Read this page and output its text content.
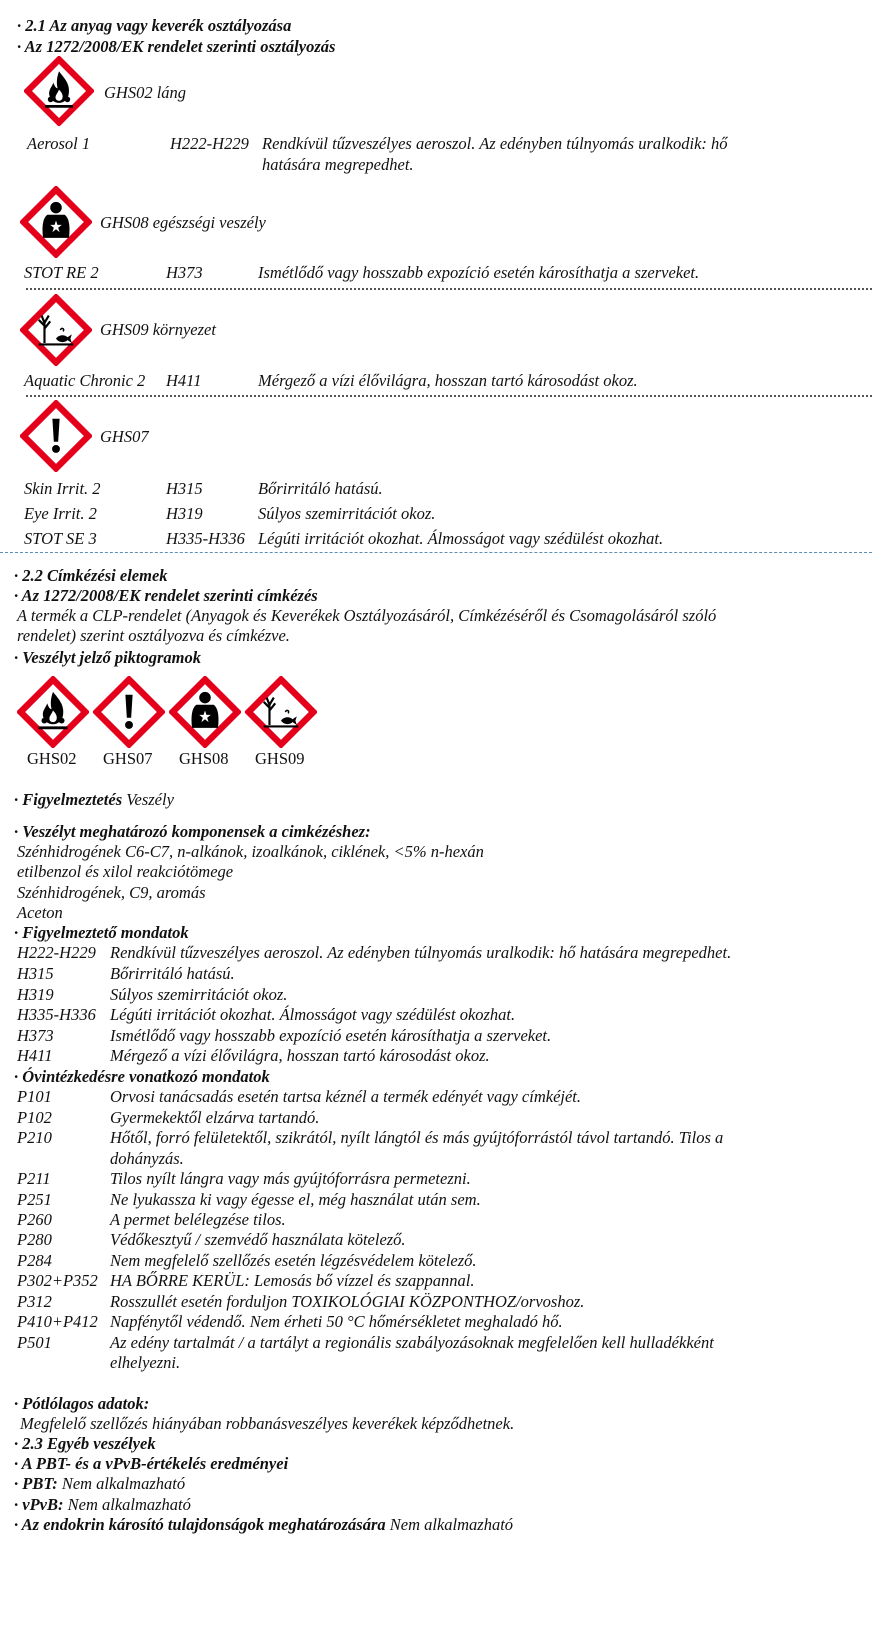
· 2.1 Az anyag vagy keverék osztályozása
· Az 1272/2008/EK rendelet szerinti osztályozás
GHS02 láng
Aerosol 1	H222-H229 Rendkívül tűzveszélyes aeroszol. Az edényben túlnyomás uralkodik: hő
hatására megrepedhet.
GHS08 egészségi veszély
STOT RE 2	H373	Ismétlődő vagy hosszabb expozíció esetén károsíthatja a szerveket.
GHS09 környezet
Aquatic Chronic 2 H411	Mérgező a vízi élővilágra, hosszan tartó károsodást okoz.
GHS07
Skin Irrit. 2	H315	Bőrirritáló hatású.
Eye Irrit. 2	H319	Súlyos szemirritációt okoz.
STOT SE 3	H335-H336 Légúti irritációt okozhat. Álmosságot vagy szédülést okozhat.
· 2.2 Címkézési elemek
· Az 1272/2008/EK rendelet szerinti címkézés
A termék a CLP-rendelet (Anyagok és Keverékek Osztályozásáról, Címkézéséről és Csomagolásáról szóló
rendelet) szerint osztályozva és címkézve.
· Veszélyt jelző piktogramok
GHS02 GHS07 GHS08 GHS09
· Figyelmeztetés Veszély
· Veszélyt meghatározó komponensek a cimkézéshez:
Szénhidrogének C6-C7, n-alkánok, izoalkánok, ciklének, <5% n-hexán
etilbenzol és xilol reakciótömege
Szénhidrogének, C9, aromás
Aceton
· Figyelmeztető mondatok
H222-H229 Rendkívül tűzveszélyes aeroszol. Az edényben túlnyomás uralkodik: hő hatására megrepedhet.
H315	Bőrirritáló hatású.
H319	Súlyos szemirritációt okoz.
H335-H336 Légúti irritációt okozhat. Álmosságot vagy szédülést okozhat.
H373	Ismétlődő vagy hosszabb expozíció esetén károsíthatja a szerveket.
H411	Mérgező a vízi élővilágra, hosszan tartó károsodást okoz.
· Óvintézkedésre vonatkozó mondatok
P101	Orvosi tanácsadás esetén tartsa kéznél a termék edényét vagy címkéjét.
P102	Gyermekektől elzárva tartandó.
P210	Hőtől, forró felületektől, szikrától, nyílt lángtól és más gyújtóforrástól távol tartandó. Tilos a
dohányzás.
P211	Tilos nyílt lángra vagy más gyújtóforrásra permetezni.
P251	Ne lyukassza ki vagy égesse el, még használat után sem.
P260	A permet belélegzése tilos.
P280	Védőkesztyű / szemvédő használata kötelező.
P284	Nem megfelelő szellőzés esetén légzésvédelem kötelező.
P302+P352 HA BŐRRE KERÜL: Lemosás bő vízzel és szappannal.
P312	Rosszullét esetén forduljon TOXIKOLÓGIAI KÖZPONTHOZ/orvoshoz.
P410+P412 Napfénytől védendő. Nem érheti 50 °C hőmérsékletet meghaladó hő.
P501	Az edény tartalmát / a tartályt a regionális szabályozásoknak megfelelően kell hulladékként
elhelyezni.
· Pótlólagos adatok:
Megfelelő szellőzés hiányában robbanásveszélyes keverékek képződhetnek.
· 2.3 Egyéb veszélyek
· A PBT- és a vPvB-értékelés eredményei
· PBT: Nem alkalmazható
· vPvB: Nem alkalmazható
· Az endokrin károsító tulajdonságok meghatározására Nem alkalmazható
